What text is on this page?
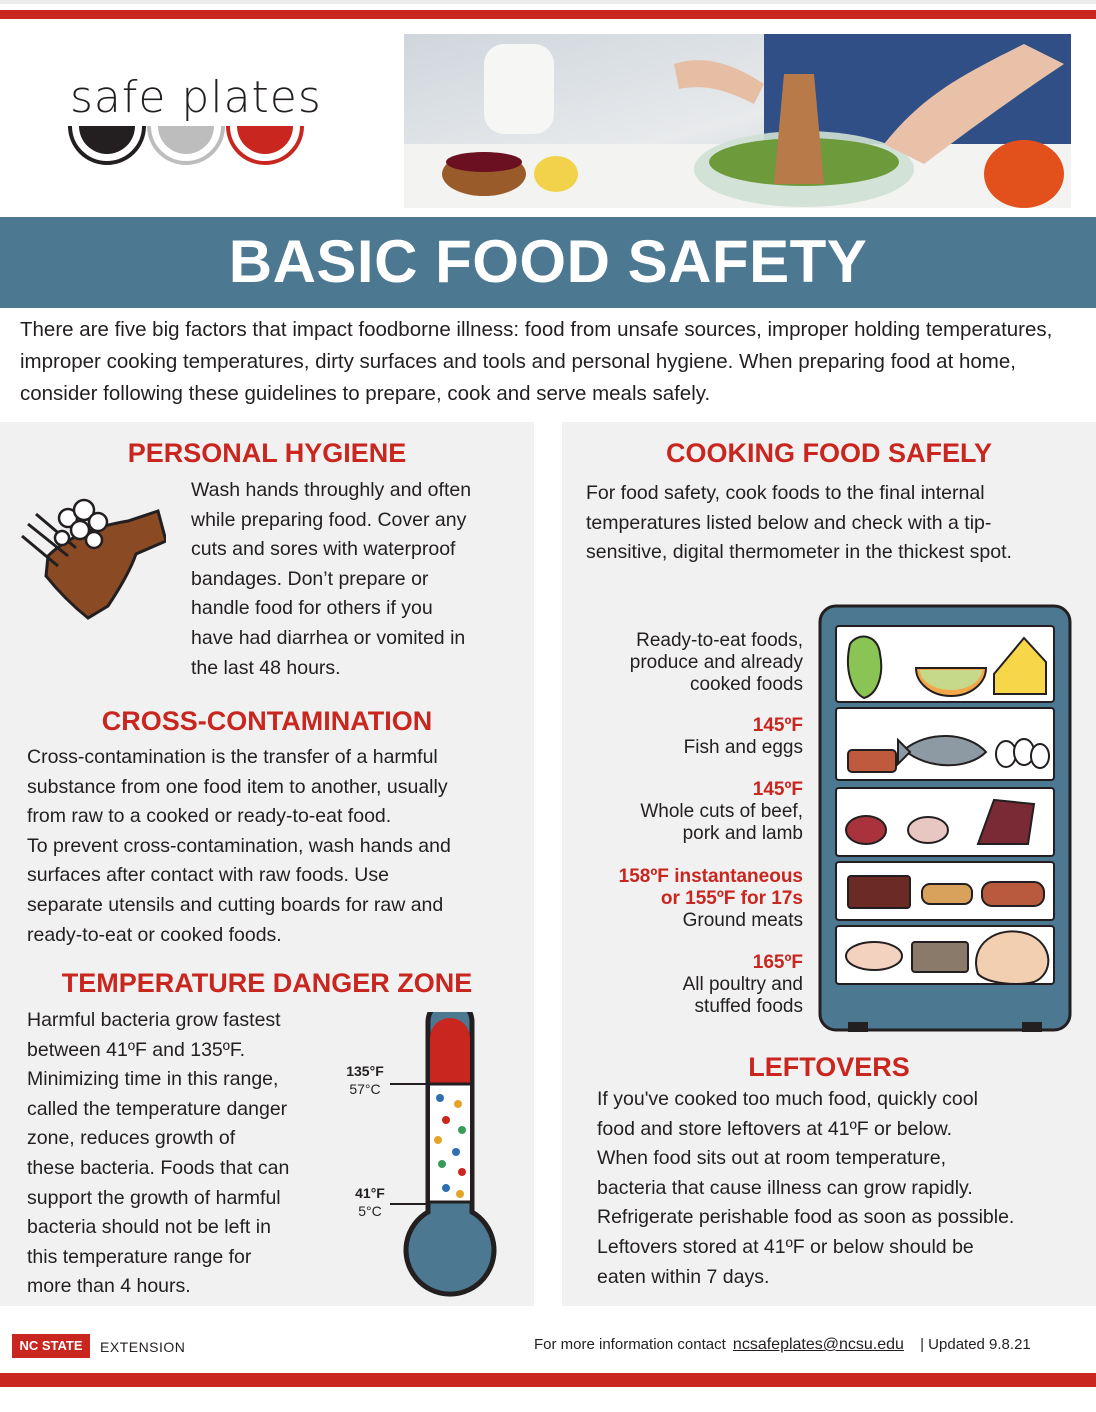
safe plates
BASIC FOOD SAFETY
There are five big factors that impact foodborne illness: food from unsafe sources, improper holding temperatures, improper cooking temperatures, dirty surfaces and tools and personal hygiene. When preparing food at home, consider following these guidelines to prepare, cook and serve meals safely.
PERSONAL HYGIENE
Wash hands throughly and often
while preparing food. Cover any
cuts and sores with waterproof
bandages. Don’t prepare or
handle food for others if you
have had diarrhea or vomited in
the last 48 hours.
CROSS-CONTAMINATION
Cross-contamination is the transfer of a harmful
substance from one food item to another, usually
from raw to a cooked or ready-to-eat food.
To prevent cross-contamination, wash hands and
surfaces after contact with raw foods. Use
separate utensils and cutting boards for raw and
ready-to-eat or cooked foods.
TEMPERATURE DANGER ZONE
Harmful bacteria grow fastest
between 41ºF and 135ºF.
Minimizing time in this range,
called the temperature danger
zone, reduces growth of
these bacteria. Foods that can
support the growth of harmful
bacteria should not be left in
this temperature range for
more than 4 hours.
135°F
57°C
41°F
5°C
COOKING FOOD SAFELY
For food safety, cook foods to the final internal
temperatures listed below and check with a tip-
sensitive, digital thermometer in the thickest spot.
Ready-to-eat foods,
produce and already
cooked foods
145ºF
Fish and eggs
145ºF
Whole cuts of beef,
pork and lamb
158ºF instantaneous
or 155ºF for 17s
Ground meats
165ºF
All poultry and
stuffed foods
LEFTOVERS
If you've cooked too much food, quickly cool
food and store leftovers at 41ºF or below.
When food sits out at room temperature,
bacteria that cause illness can grow rapidly.
Refrigerate perishable food as soon as possible.
Leftovers stored at 41ºF or below should be
eaten within 7 days.
NC STATE	EXTENSION	For more information contact ncsafeplates@ncsu.edu | Updated 9.8.21
